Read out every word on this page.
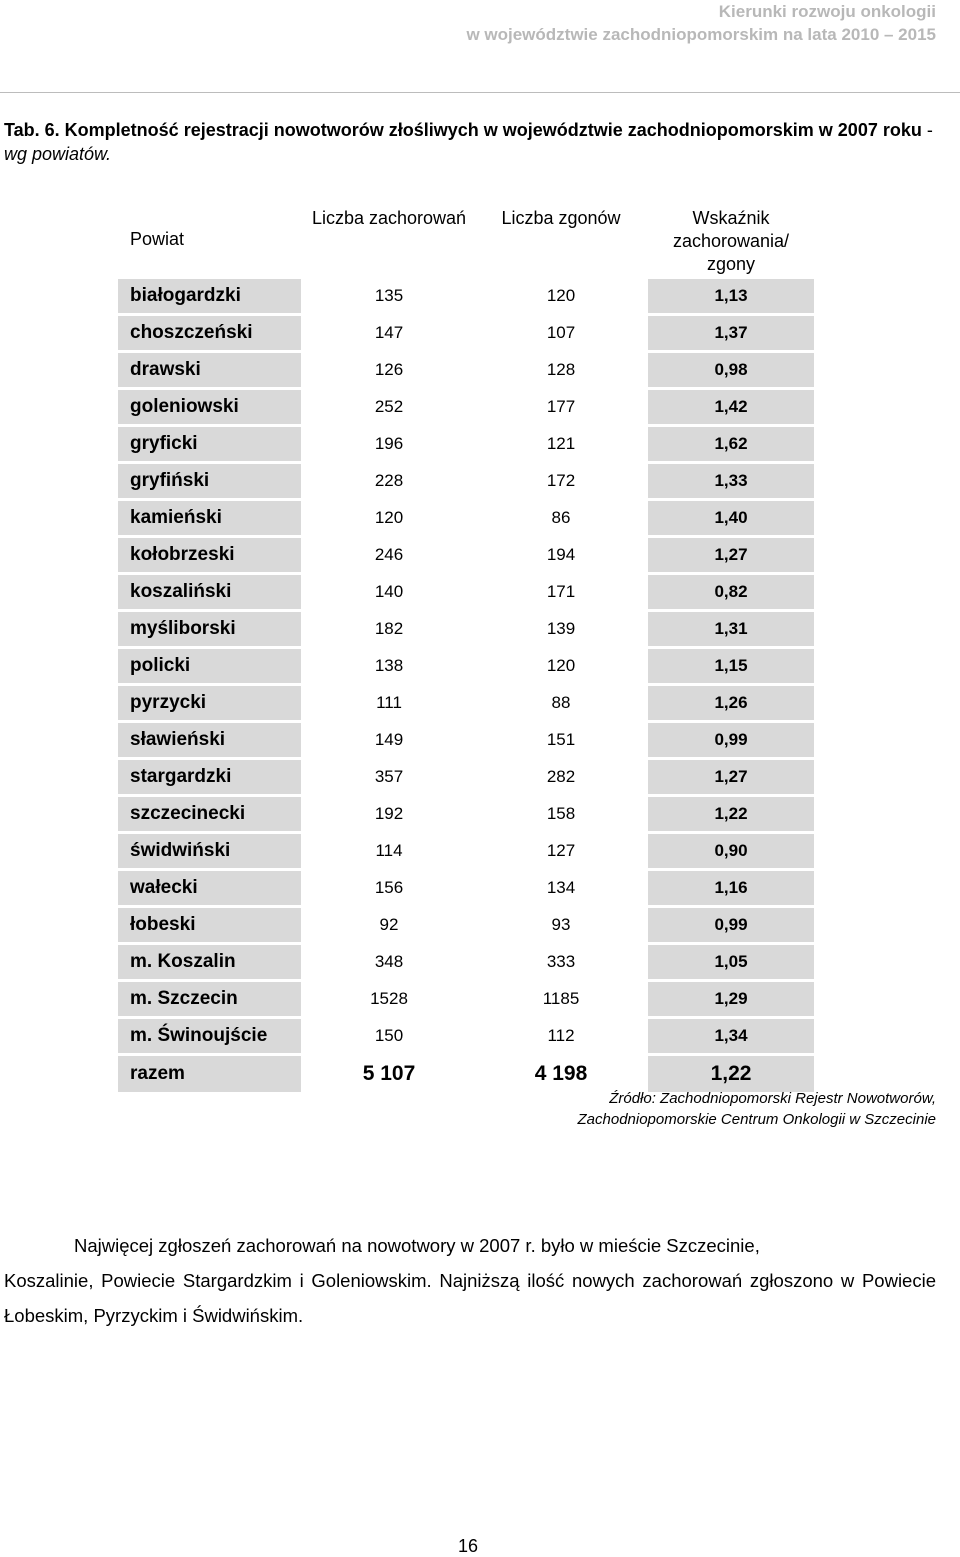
Kierunki rozwoju onkologii
w województwie zachodniopomorskim na lata 2010 – 2015
Tab. 6. Kompletność rejestracji nowotworów złośliwych w województwie zachodniopomorskim w 2007 roku - wg powiatów.
Powiat	Liczba zachorowań	Liczba zgonów	Wskaźnik zachorowania/ zgony
białogardzki	135	120	1,13
choszczeński	147	107	1,37
drawski	126	128	0,98
goleniowski	252	177	1,42
gryficki	196	121	1,62
gryfiński	228	172	1,33
kamieński	120	86	1,40
kołobrzeski	246	194	1,27
koszaliński	140	171	0,82
myśliborski	182	139	1,31
policki	138	120	1,15
pyrzycki	111	88	1,26
sławieński	149	151	0,99
stargardzki	357	282	1,27
szczecinecki	192	158	1,22
świdwiński	114	127	0,90
wałecki	156	134	1,16
łobeski	92	93	0,99
m. Koszalin	348	333	1,05
m. Szczecin	1528	1185	1,29
m. Świnoujście	150	112	1,34
razem	5 107	4 198	1,22
Źródło: Zachodniopomorski Rejestr Nowotworów,
Zachodniopomorskie Centrum Onkologii w Szczecinie
Najwięcej zgłoszeń zachorowań na nowotwory w 2007 r. było w mieście Szczecinie,
Koszalinie, Powiecie Stargardzkim i Goleniowskim. Najniższą ilość nowych zachorowań zgłoszono w Powiecie Łobeskim, Pyrzyckim i Świdwińskim.
16
